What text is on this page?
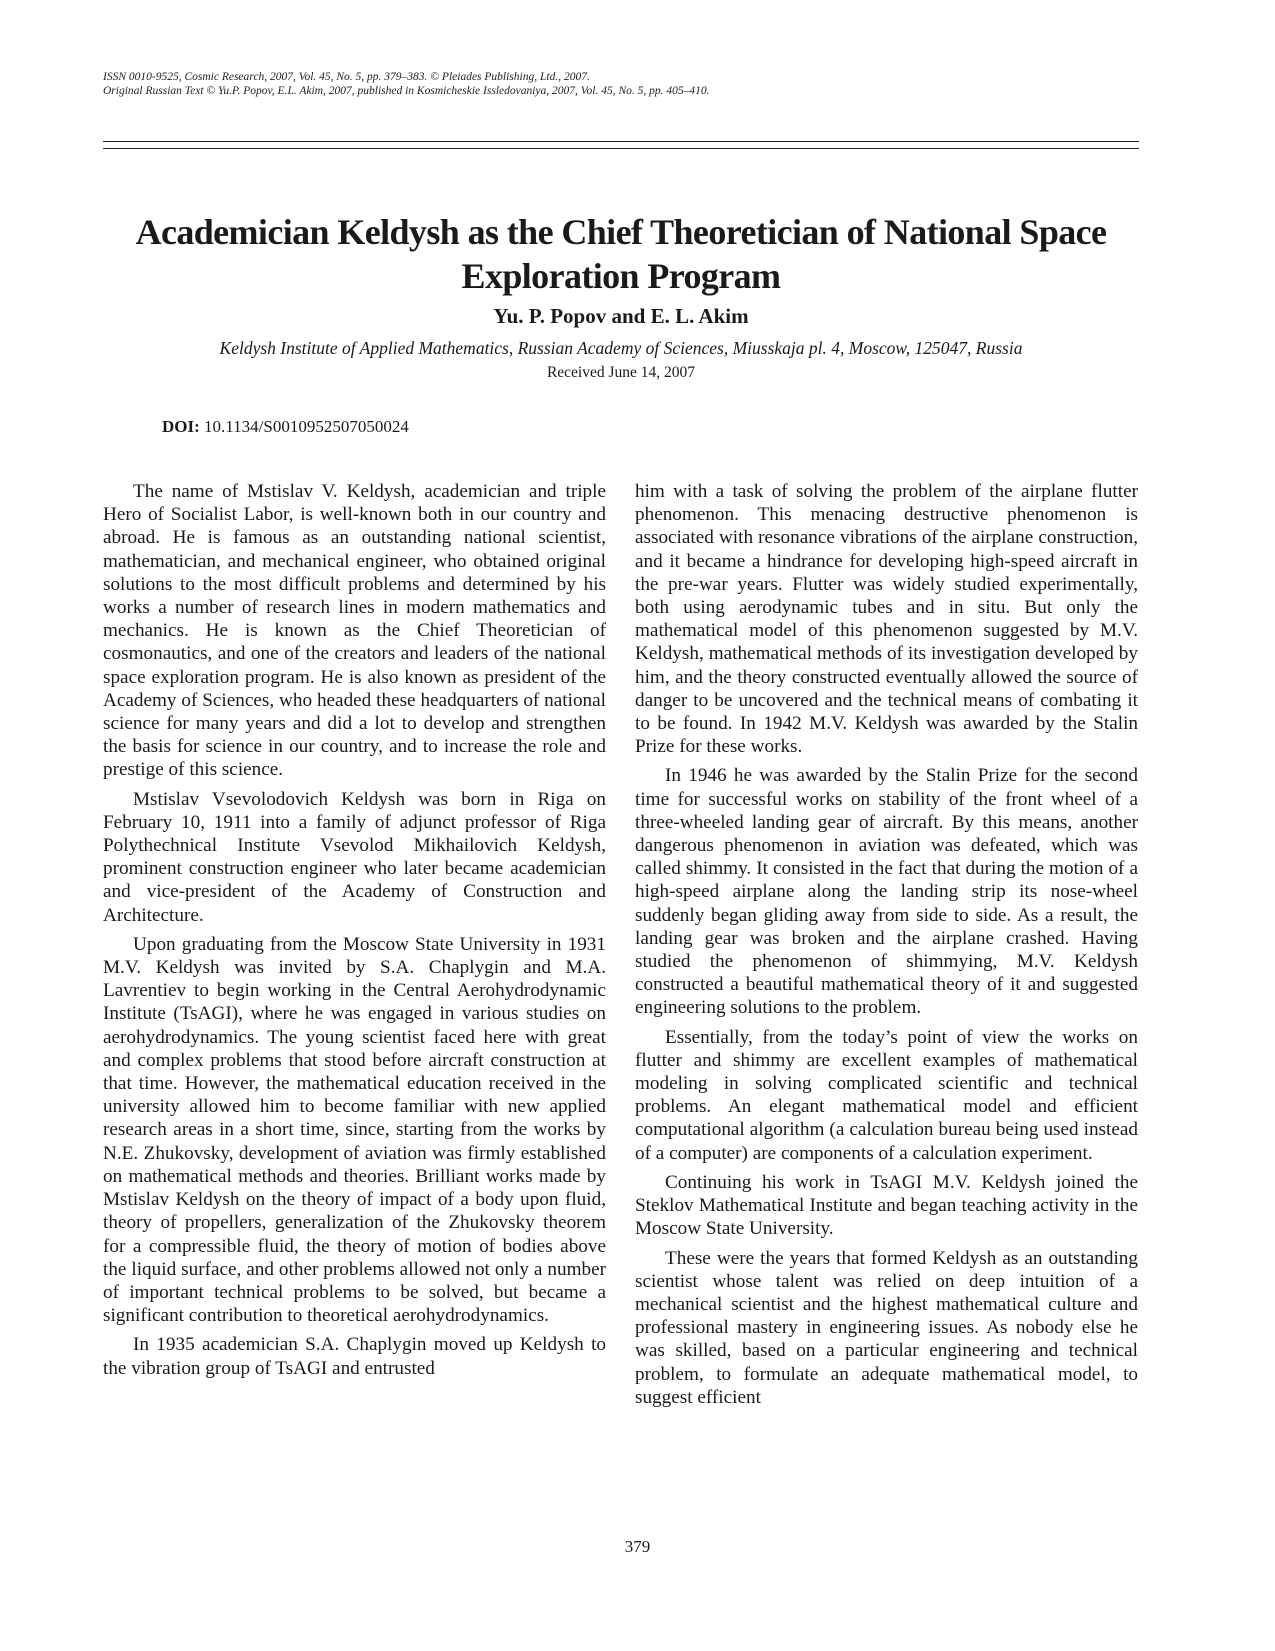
ISSN 0010-9525, Cosmic Research, 2007, Vol. 45, No. 5, pp. 379–383. © Pleiades Publishing, Ltd., 2007.
Original Russian Text © Yu.P. Popov, E.L. Akim, 2007, published in Kosmicheskie Issledovaniya, 2007, Vol. 45, No. 5, pp. 405–410.
Academician Keldysh as the Chief Theoretician of National Space
Exploration Program
Yu. P. Popov and E. L. Akim
Keldysh Institute of Applied Mathematics, Russian Academy of Sciences, Miusskaja pl. 4, Moscow, 125047, Russia
Received June 14, 2007
DOI: 10.1134/S0010952507050024

The name of Mstislav V. Keldysh, academician and triple Hero of Socialist Labor, is well-known both in our country and abroad. He is famous as an outstanding national scientist, mathematician, and mechanical engineer, who obtained original solutions to the most difficult problems and determined by his works a number of research lines in modern mathematics and mechanics. He is known as the Chief Theoretician of cosmonautics, and one of the creators and leaders of the national space exploration program. He is also known as president of the Academy of Sciences, who headed these headquarters of national science for many years and did a lot to develop and strengthen the basis for science in our country, and to increase the role and prestige of this science.

Mstislav Vsevolodovich Keldysh was born in Riga on February 10, 1911 into a family of adjunct professor of Riga Polythechnical Institute Vsevolod Mikhailovich Keldysh, prominent construction engineer who later became academician and vice-president of the Academy of Construction and Architecture.

Upon graduating from the Moscow State University in 1931 M.V. Keldysh was invited by S.A. Chaplygin and M.A. Lavrentiev to begin working in the Central Aerohydrodynamic Institute (TsAGI), where he was engaged in various studies on aerohydrodynamics. The young scientist faced here with great and complex problems that stood before aircraft construction at that time. However, the mathematical education received in the university allowed him to become familiar with new applied research areas in a short time, since, starting from the works by N.E. Zhukovsky, development of aviation was firmly established on mathematical methods and theories. Brilliant works made by Mstislav Keldysh on the theory of impact of a body upon fluid, theory of propellers, generalization of the Zhukovsky theorem for a compressible fluid, the theory of motion of bodies above the liquid surface, and other problems allowed not only a number of important technical problems to be solved, but became a significant contribution to theoretical aerohydrodynamics.

In 1935 academician S.A. Chaplygin moved up Keldysh to the vibration group of TsAGI and entrusted

him with a task of solving the problem of the airplane flutter phenomenon. This menacing destructive phenomenon is associated with resonance vibrations of the airplane construction, and it became a hindrance for developing high-speed aircraft in the pre-war years. Flutter was widely studied experimentally, both using aerodynamic tubes and in situ. But only the mathematical model of this phenomenon suggested by M.V. Keldysh, mathematical methods of its investigation developed by him, and the theory constructed eventually allowed the source of danger to be uncovered and the technical means of combating it to be found. In 1942 M.V. Keldysh was awarded by the Stalin Prize for these works.

In 1946 he was awarded by the Stalin Prize for the second time for successful works on stability of the front wheel of a three-wheeled landing gear of aircraft. By this means, another dangerous phenomenon in aviation was defeated, which was called shimmy. It consisted in the fact that during the motion of a high-speed airplane along the landing strip its nose-wheel suddenly began gliding away from side to side. As a result, the landing gear was broken and the airplane crashed. Having studied the phenomenon of shimmying, M.V. Keldysh constructed a beautiful mathematical theory of it and suggested engineering solutions to the problem.

Essentially, from the today’s point of view the works on flutter and shimmy are excellent examples of mathematical modeling in solving complicated scientific and technical problems. An elegant mathematical model and efficient computational algorithm (a calculation bureau being used instead of a computer) are components of a calculation experiment.

Continuing his work in TsAGI M.V. Keldysh joined the Steklov Mathematical Institute and began teaching activity in the Moscow State University.

These were the years that formed Keldysh as an outstanding scientist whose talent was relied on deep intuition of a mechanical scientist and the highest mathematical culture and professional mastery in engineering issues. As nobody else he was skilled, based on a particular engineering and technical problem, to formulate an adequate mathematical model, to suggest efficient

379
